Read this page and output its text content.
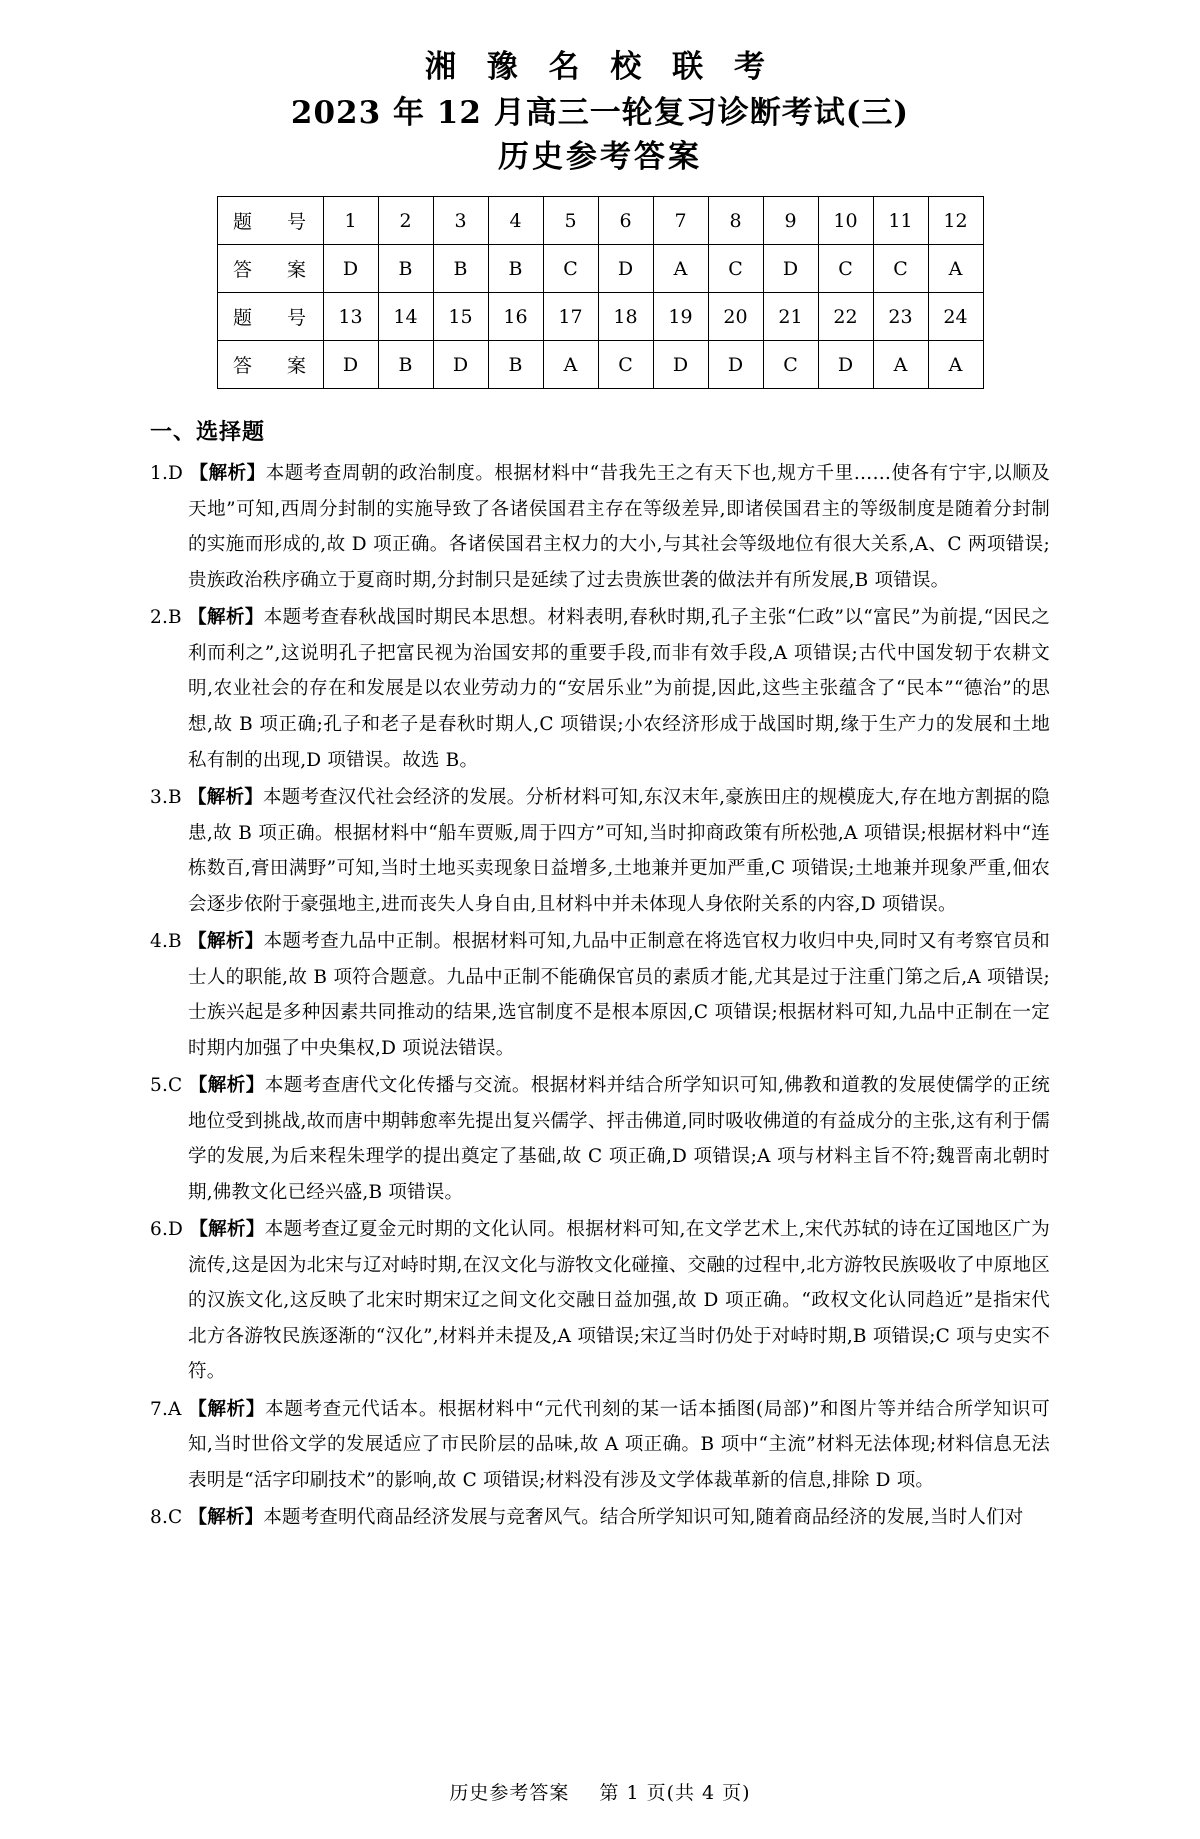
湘 豫 名 校 联 考
2023 年 12 月高三一轮复习诊断考试(三)
历史参考答案
题　号	1	2	3	4	5	6	7	8	9	10	11	12
答　案	D	B	B	B	C	D	A	C	D	C	C	A
题　号	13	14	15	16	17	18	19	20	21	22	23	24
答　案	D	B	D	B	A	C	D	D	C	D	A	A
一、选择题
1.D 【解析】本题考查周朝的政治制度。根据材料中“昔我先王之有天下也,规方千里……使各有宁宇,以顺及天地”可知,西周分封制的实施导致了各诸侯国君主存在等级差异,即诸侯国君主的等级制度是随着分封制的实施而形成的,故 D 项正确。各诸侯国君主权力的大小,与其社会等级地位有很大关系,A、C 两项错误;贵族政治秩序确立于夏商时期,分封制只是延续了过去贵族世袭的做法并有所发展,B 项错误。
2.B 【解析】本题考查春秋战国时期民本思想。材料表明,春秋时期,孔子主张“仁政”以“富民”为前提,“因民之利而利之”,这说明孔子把富民视为治国安邦的重要手段,而非有效手段,A 项错误;古代中国发轫于农耕文明,农业社会的存在和发展是以农业劳动力的“安居乐业”为前提,因此,这些主张蕴含了“民本”“德治”的思想,故 B 项正确;孔子和老子是春秋时期人,C 项错误;小农经济形成于战国时期,缘于生产力的发展和土地私有制的出现,D 项错误。故选 B。
3.B 【解析】本题考查汉代社会经济的发展。分析材料可知,东汉末年,豪族田庄的规模庞大,存在地方割据的隐患,故 B 项正确。根据材料中“船车贾贩,周于四方”可知,当时抑商政策有所松弛,A 项错误;根据材料中“连栋数百,膏田满野”可知,当时土地买卖现象日益增多,土地兼并更加严重,C 项错误;土地兼并现象严重,佃农会逐步依附于豪强地主,进而丧失人身自由,且材料中并未体现人身依附关系的内容,D 项错误。
4.B 【解析】本题考查九品中正制。根据材料可知,九品中正制意在将选官权力收归中央,同时又有考察官员和士人的职能,故 B 项符合题意。九品中正制不能确保官员的素质才能,尤其是过于注重门第之后,A 项错误;士族兴起是多种因素共同推动的结果,选官制度不是根本原因,C 项错误;根据材料可知,九品中正制在一定时期内加强了中央集权,D 项说法错误。
5.C 【解析】本题考查唐代文化传播与交流。根据材料并结合所学知识可知,佛教和道教的发展使儒学的正统地位受到挑战,故而唐中期韩愈率先提出复兴儒学、抨击佛道,同时吸收佛道的有益成分的主张,这有利于儒学的发展,为后来程朱理学的提出奠定了基础,故 C 项正确,D 项错误;A 项与材料主旨不符;魏晋南北朝时期,佛教文化已经兴盛,B 项错误。
6.D 【解析】本题考查辽夏金元时期的文化认同。根据材料可知,在文学艺术上,宋代苏轼的诗在辽国地区广为流传,这是因为北宋与辽对峙时期,在汉文化与游牧文化碰撞、交融的过程中,北方游牧民族吸收了中原地区的汉族文化,这反映了北宋时期宋辽之间文化交融日益加强,故 D 项正确。“政权文化认同趋近”是指宋代北方各游牧民族逐渐的“汉化”,材料并未提及,A 项错误;宋辽当时仍处于对峙时期,B 项错误;C 项与史实不符。
7.A 【解析】本题考查元代话本。根据材料中“元代刊刻的某一话本插图(局部)”和图片等并结合所学知识可知,当时世俗文学的发展适应了市民阶层的品味,故 A 项正确。B 项中“主流”材料无法体现;材料信息无法表明是“活字印刷技术”的影响,故 C 项错误;材料没有涉及文学体裁革新的信息,排除 D 项。
8.C 【解析】本题考查明代商品经济发展与竞奢风气。结合所学知识可知,随着商品经济的发展,当时人们对
历史参考答案 第 1 页(共 4 页)
